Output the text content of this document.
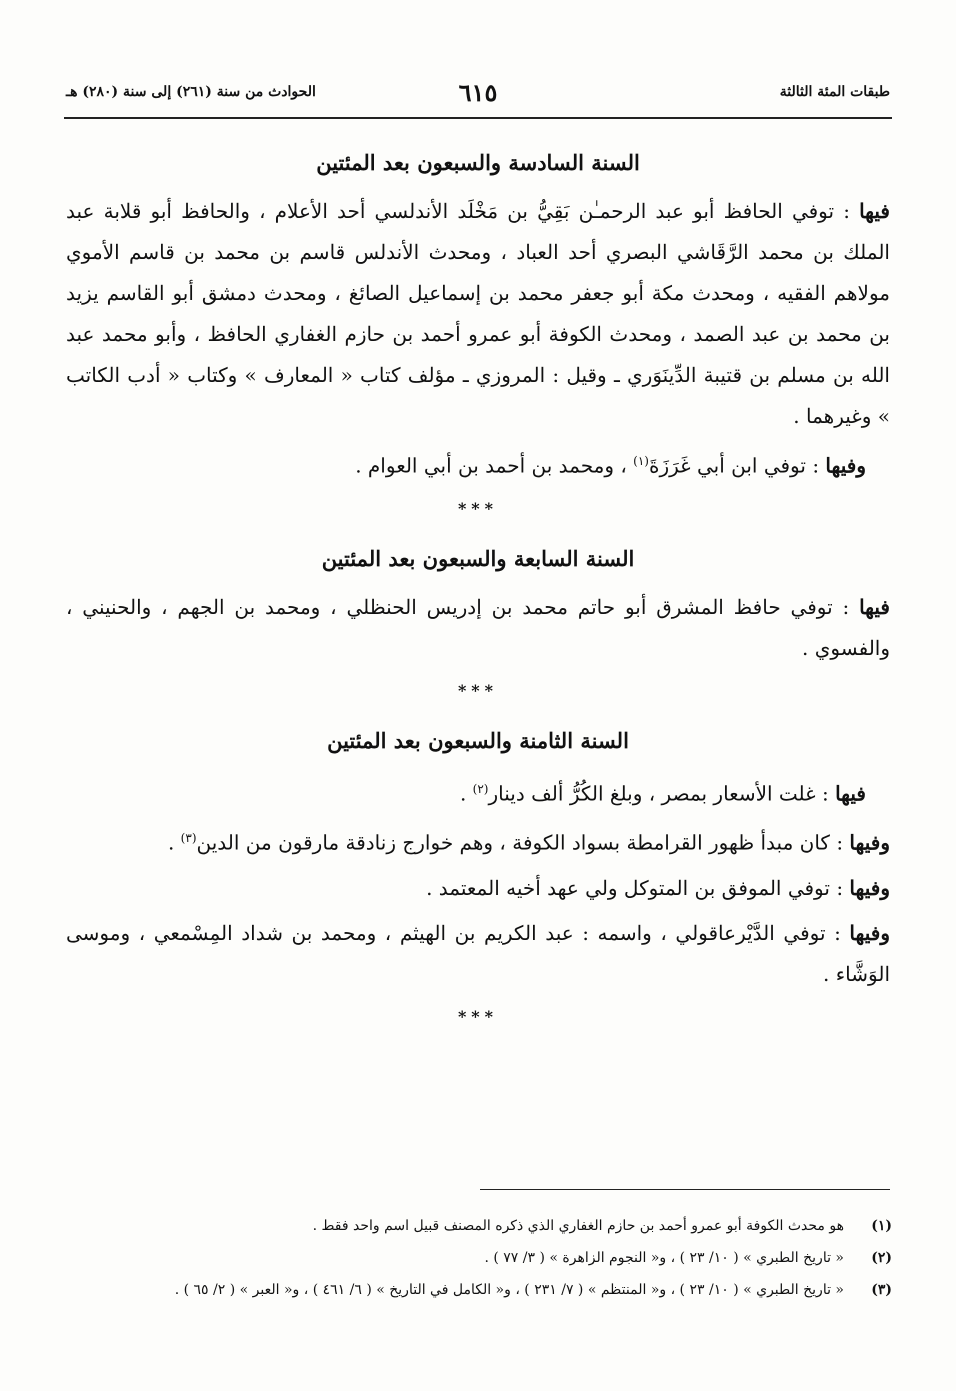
طبقات المئة الثالثة
٦١٥
الحوادث من سنة (٢٦١) إلى سنة (٢٨٠) هـ
السنة السادسة والسبعون بعد المئتين

فيها : توفي الحافظ أبو عبد الرحمـٰن بَقِيُّ بن مَخْلَد الأندلسي أحد الأعلام ، والحافظ أبو قلابة عبد الملك بن محمد الرَّقَاشي البصري أحد العباد ، ومحدث الأندلس قاسم بن محمد بن قاسم الأموي مولاهم الفقيه ، ومحدث مكة أبو جعفر محمد بن إسماعيل الصائغ ، ومحدث دمشق أبو القاسم يزيد بن محمد بن عبد الصمد ، ومحدث الكوفة أبو عمرو أحمد بن حازم الغفاري الحافظ ، وأبو محمد عبد الله بن مسلم بن قتيبة الدِّينَوَري ـ وقيل : المروزي ـ مؤلف كتاب « المعارف » وكتاب « أدب الكاتب » وغيرهما .

وفيها : توفي ابن أبي غَرَزَةَ$^{(١)}$ ، ومحمد بن أحمد بن أبي العوام .

***
السنة السابعة والسبعون بعد المئتين

فيها : توفي حافظ المشرق أبو حاتم محمد بن إدريس الحنظلي ، ومحمد بن الجهم ، والحنيني ، والفسوي .

***
السنة الثامنة والسبعون بعد المئتين

فيها : غلت الأسعار بمصر ، وبلغ الكُرُّ ألف دينار$^{(٢)}$ .

وفيها : كان مبدأ ظهور القرامطة بسواد الكوفة ، وهم خوارج زنادقة مارقون من الدين$^{(٣)}$ .

وفيها : توفي الموفق بن المتوكل ولي عهد أخيه المعتمد .

وفيها : توفي الدَّيْرعاقولي ، واسمه : عبد الكريم بن الهيثم ، ومحمد بن شداد المِسْمعي ، وموسى الوَشَّاء .

***
(١)
هو محدث الكوفة أبو عمرو أحمد بن حازم الغفاري الذي ذكره المصنف قبيل اسم واحد فقط .
(٢)
« تاريخ الطبري » ( ١٠/ ٢٣ ) ، و« النجوم الزاهرة » ( ٣/ ٧٧ ) .
(٣)
« تاريخ الطبري » ( ١٠/ ٢٣ ) ، و« المنتظم » ( ٧/ ٢٣١ ) ، و« الكامل في التاريخ » ( ٦/ ٤٦١ ) ، و« العبر » ( ٢/ ٦٥ ) .
